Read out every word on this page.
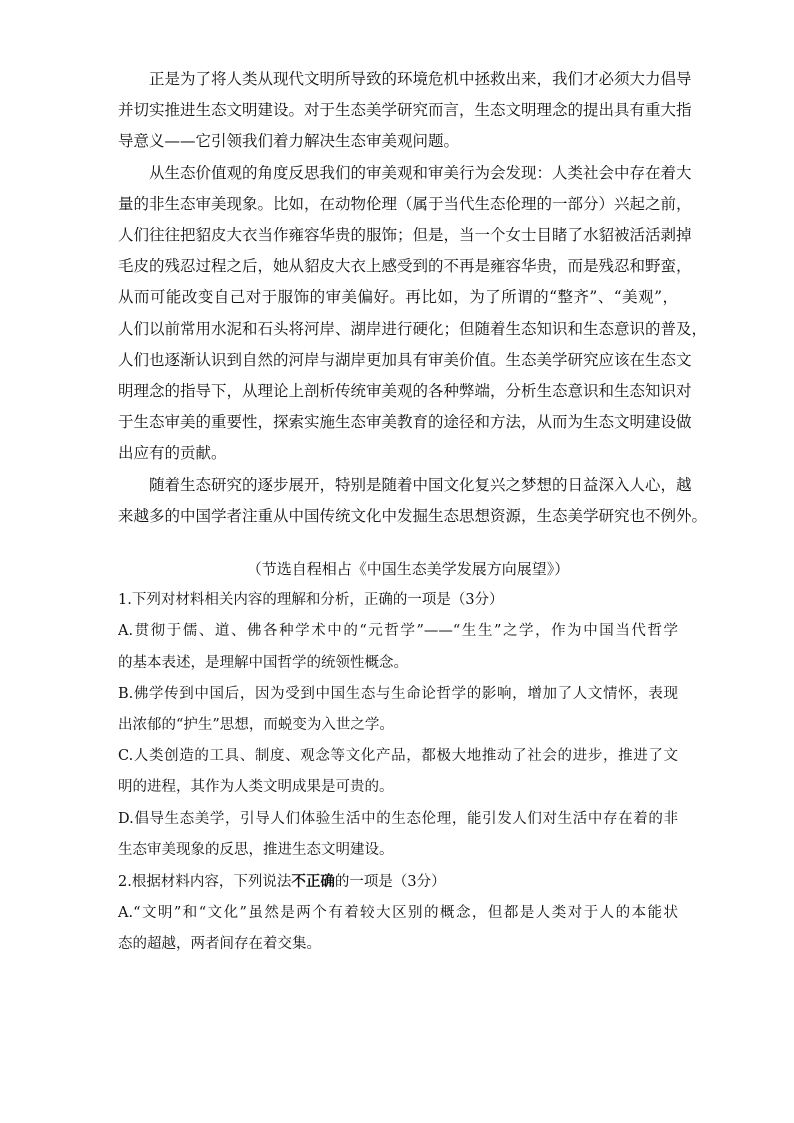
正是为了将人类从现代文明所导致的环境危机中拯救出来，我们才必须大力倡导
并切实推进生态文明建设。对于生态美学研究而言，生态文明理念的提出具有重大指
导意义——它引领我们着力解决生态审美观问题。

从生态价值观的角度反思我们的审美观和审美行为会发现：人类社会中存在着大
量的非生态审美现象。比如，在动物伦理（属于当代生态伦理的一部分）兴起之前，
人们往往把貂皮大衣当作雍容华贵的服饰；但是，当一个女士目睹了水貂被活活剥掉
毛皮的残忍过程之后，她从貂皮大衣上感受到的不再是雍容华贵，而是残忍和野蛮，
从而可能改变自己对于服饰的审美偏好。再比如，为了所谓的“整齐”、“美观”，
人们以前常用水泥和石头将河岸、湖岸进行硬化；但随着生态知识和生态意识的普及，
人们也逐渐认识到自然的河岸与湖岸更加具有审美价值。生态美学研究应该在生态文
明理念的指导下，从理论上剖析传统审美观的各种弊端，分析生态意识和生态知识对
于生态审美的重要性，探索实施生态审美教育的途径和方法，从而为生态文明建设做
出应有的贡献。

随着生态研究的逐步展开，特别是随着中国文化复兴之梦想的日益深入人心，越
来越多的中国学者注重从中国传统文化中发掘生态思想资源，生态美学研究也不例外。

（节选自程相占《中国生态美学发展方向展望》）
1.下列对材料相关内容的理解和分析，正确的一项是（3分）
A.贯彻于儒、道、佛各种学术中的“元哲学”——“生生”之学，作为中国当代哲学
的基本表述，是理解中国哲学的统领性概念。
B.佛学传到中国后，因为受到中国生态与生命论哲学的影响，增加了人文情怀，表现
出浓郁的“护生”思想，而蜕变为入世之学。
C.人类创造的工具、制度、观念等文化产品，都极大地推动了社会的进步，推进了文
明的进程，其作为人类文明成果是可贵的。
D.倡导生态美学，引导人们体验生活中的生态伦理，能引发人们对生活中存在着的非
生态审美现象的反思，推进生态文明建设。
2.根据材料内容，下列说法不正确的一项是（3分）
A.“文明”和“文化”虽然是两个有着较大区别的概念，但都是人类对于人的本能状
态的超越，两者间存在着交集。
